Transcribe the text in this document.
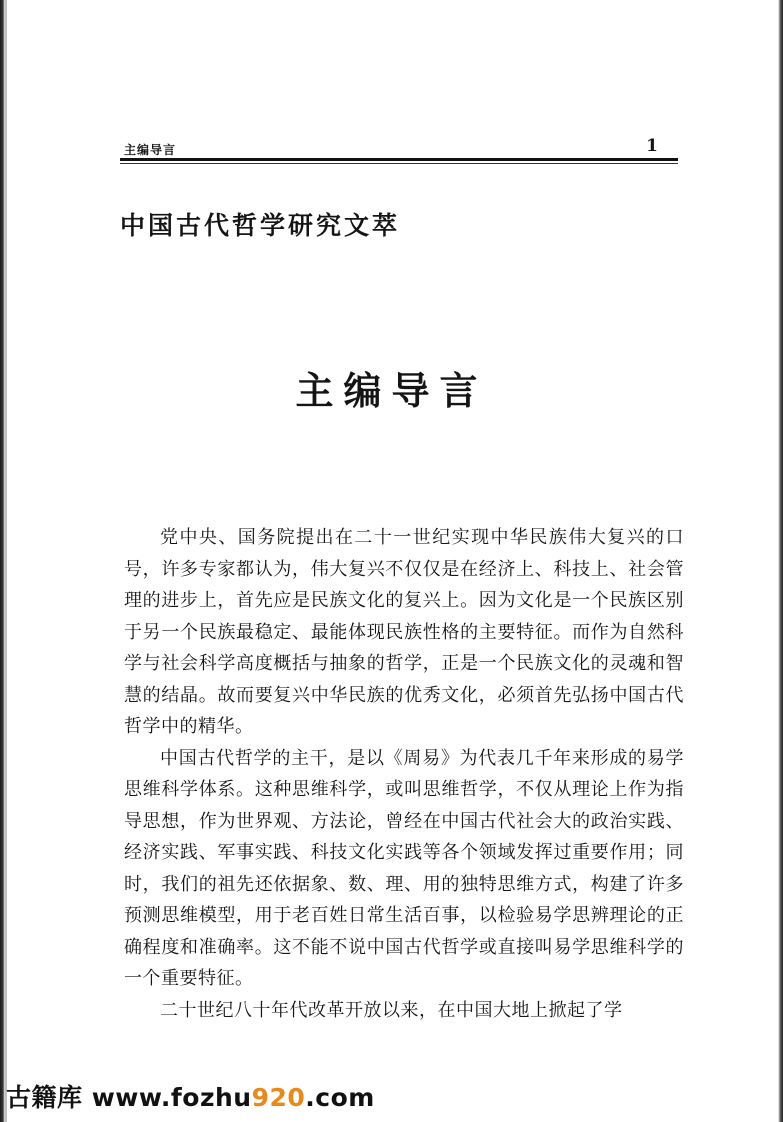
主编导言	1
中国古代哲学研究文萃
主编导言

党中央、国务院提出在二十一世纪实现中华民族伟大复兴的口号，许多专家都认为，伟大复兴不仅仅是在经济上、科技上、社会管理的进步上，首先应是民族文化的复兴上。因为文化是一个民族区别于另一个民族最稳定、最能体现民族性格的主要特征。而作为自然科学与社会科学高度概括与抽象的哲学，正是一个民族文化的灵魂和智慧的结晶。故而要复兴中华民族的优秀文化，必须首先弘扬中国古代哲学中的精华。

中国古代哲学的主干，是以《周易》为代表几千年来形成的易学思维科学体系。这种思维科学，或叫思维哲学，不仅从理论上作为指导思想，作为世界观、方法论，曾经在中国古代社会大的政治实践、经济实践、军事实践、科技文化实践等各个领域发挥过重要作用；同时，我们的祖先还依据象、数、理、用的独特思维方式，构建了许多预测思维模型，用于老百姓日常生活百事，以检验易学思辨理论的正确程度和准确率。这不能不说中国古代哲学或直接叫易学思维科学的一个重要特征。

二十世纪八十年代改革开放以来，在中国大地上掀起了学

古籍库 www.fozhu920.com
